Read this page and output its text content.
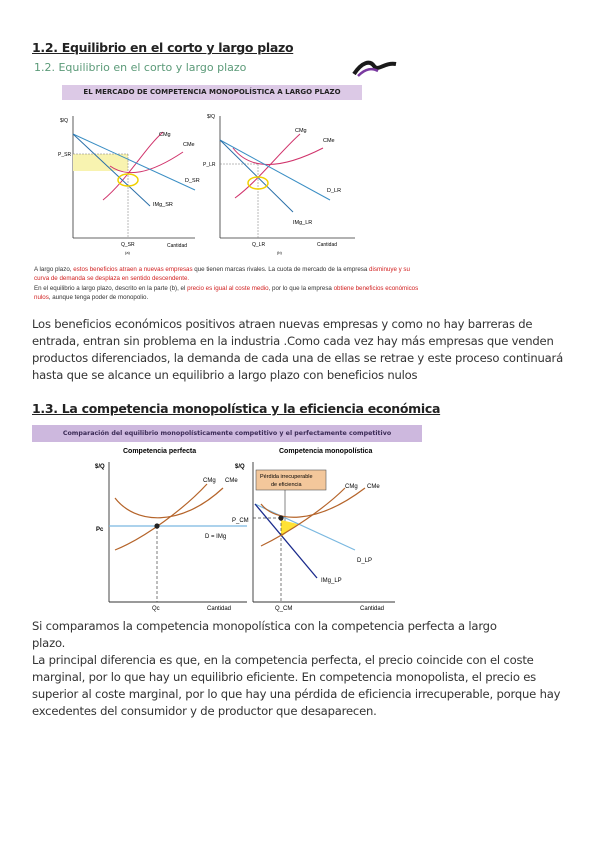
1.2. Equilibrio en el corto y largo plazo
1.2. Equilibrio en el corto y largo plazo
EL MERCADO DE COMPETENCIA MONOPOLÍSTICA A LARGO PLAZO
$/Q
Cantidad
P_SR
Q_SR
(a)
CMg
CMe
D_SR
IMg_SR
$/Q
Cantidad
P_LR
Q_LR
(b)
CMg
CMe
D_LR
IMg_LR
A largo plazo, estos beneficios atraen a nuevas empresas que tienen marcas rivales. La cuota de mercado de la empresa disminuye y su curva de demanda se desplaza en sentido descendente.
En el equilibrio a largo plazo, descrito en la parte (b), el precio es igual al coste medio, por lo que la empresa obtiene beneficios económicos nulos, aunque tenga poder de monopolio.

Los beneficios económicos positivos atraen nuevas empresas y como no hay barreras de entrada, entran sin problema en la industria .Como cada vez hay más empresas que venden productos diferenciados, la demanda de cada una de ellas se retrae y este proceso continuará hasta que se alcance un equilibrio a largo plazo con beneficios nulos

1.3. La competencia monopolística y la eficiencia económica
Comparación del equilibrio monopolísticamente competitivo y el perfectamente competitivo
Competencia perfecta
$/Q
Cantidad
Pc
Qc
CMg CMe
D = IMg
Competencia monopolística
$/Q
Cantidad
Pérdida irrecuperable
de eficiencia
P_CM
Q_CM
CMg CMe
D_LP
IMg_LP

Si comparamos la competencia monopolística con la competencia perfecta a largo plazo.

La principal diferencia es que, en la competencia perfecta, el precio coincide con el coste marginal, por lo que hay un equilibrio eficiente. En competencia monopolista, el precio es superior al coste marginal, por lo que hay una pérdida de eficiencia irrecuperable, porque hay excedentes del consumidor y de productor que desaparecen.
